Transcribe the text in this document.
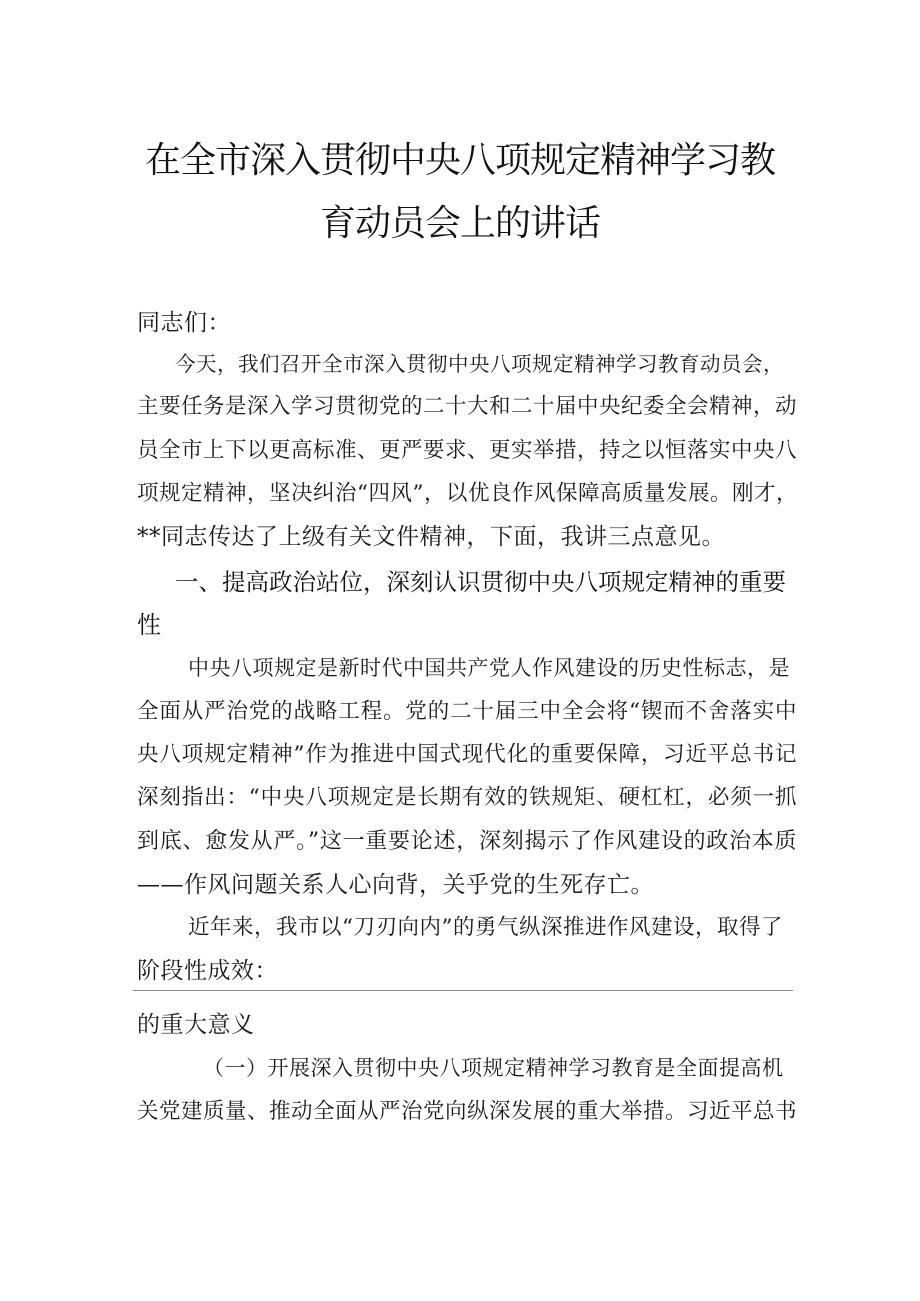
在全市深入贯彻中央八项规定精神学习教
育动员会上的讲话
同志们：
今天，我们召开全市深入贯彻中央八项规定精神学习教育动员会，
主要任务是深入学习贯彻党的二十大和二十届中央纪委全会精神，动
员全市上下以更高标准、更严要求、更实举措，持之以恒落实中央八
项规定精神，坚决纠治“四风”，以优良作风保障高质量发展。刚才，
**同志传达了上级有关文件精神，下面，我讲三点意见。
一、提高政治站位，深刻认识贯彻中央八项规定精神的重要
性
中央八项规定是新时代中国共产党人作风建设的历史性标志，是
全面从严治党的战略工程。党的二十届三中全会将“锲而不舍落实中
央八项规定精神”作为推进中国式现代化的重要保障，习近平总书记
深刻指出：“中央八项规定是长期有效的铁规矩、硬杠杠，必须一抓
到底、愈发从严。”这一重要论述，深刻揭示了作风建设的政治本质
——作风问题关系人心向背，关乎党的生死存亡。
近年来，我市以“刀刃向内”的勇气纵深推进作风建设，取得了
阶段性成效：
的重大意义
（一）开展深入贯彻中央八项规定精神学习教育是全面提高机
关党建质量、推动全面从严治党向纵深发展的重大举措。习近平总书
